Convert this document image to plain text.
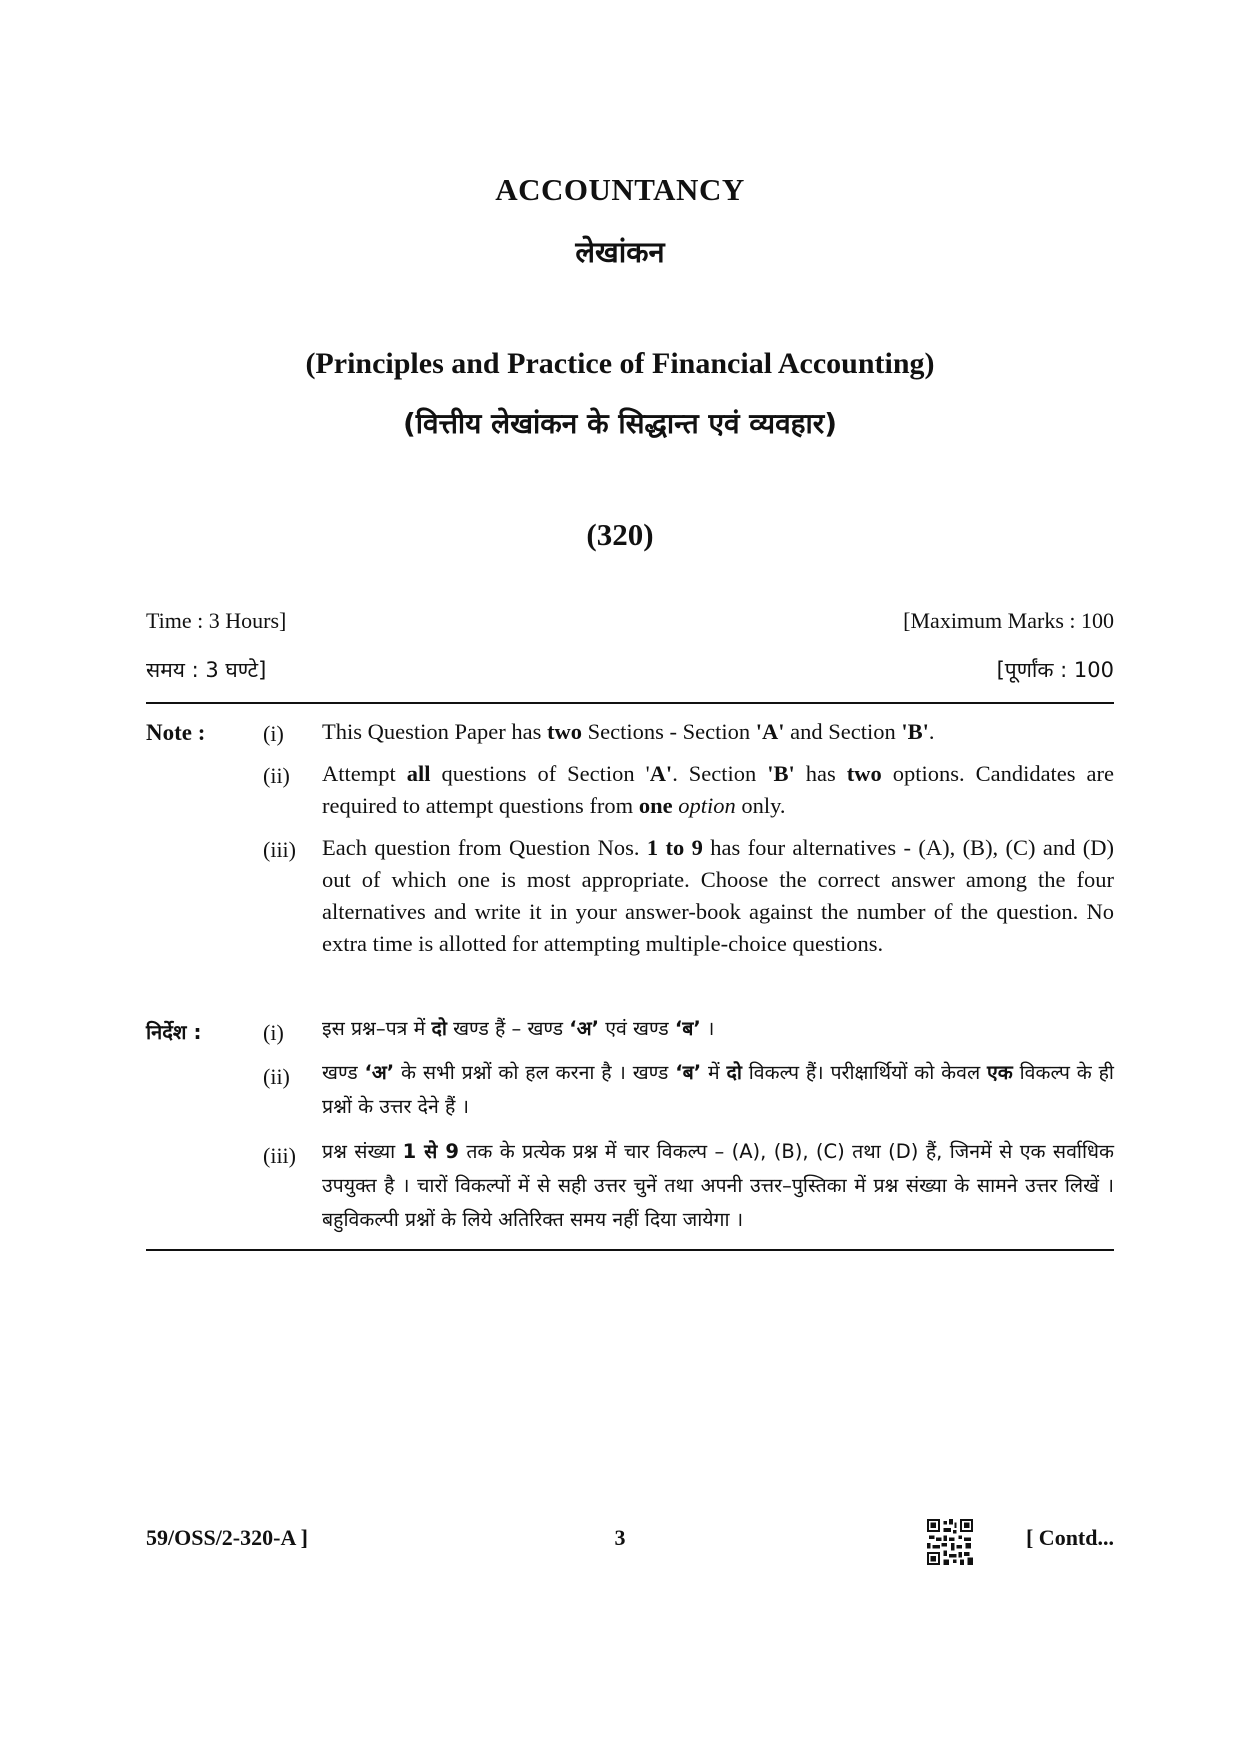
ACCOUNTANCY
लेखांकन
(Principles and Practice of Financial Accounting)
(वित्तीय लेखांकन के सिद्धान्त एवं व्यवहार)
(320)
Time : 3 Hours]	[Maximum Marks : 100
समय : 3 घण्टे]	[पूर्णांक : 100
Note :	(i) This Question Paper has two Sections - Section 'A' and Section 'B'.
(ii) Attempt all questions of Section 'A'. Section 'B' has two options. Candidates are required to attempt questions from one option only.
(iii) Each question from Question Nos. 1 to 9 has four alternatives - (A), (B), (C) and (D) out of which one is most appropriate. Choose the correct answer among the four alternatives and write it in your answer-book against the number of the question. No extra time is allotted for attempting multiple-choice questions.
निर्देश :	(i) इस प्रश्न–पत्र में दो खण्ड हैं – खण्ड ‘अ’ एवं खण्ड ‘ब’ ।
(ii) खण्ड ‘अ’ के सभी प्रश्नों को हल करना है । खण्ड ‘ब’ में दो विकल्प हैं। परीक्षार्थियों को केवल एक विकल्प के ही प्रश्नों के उत्तर देने हैं ।
(iii) प्रश्न संख्या 1 से 9 तक के प्रत्येक प्रश्न में चार विकल्प – (A), (B), (C) तथा (D) हैं, जिनमें से एक सर्वाधिक उपयुक्त है । चारों विकल्पों में से सही उत्तर चुनें तथा अपनी उत्तर–पुस्तिका में प्रश्न संख्या के सामने उत्तर लिखें । बहुविकल्पी प्रश्नों के लिये अतिरिक्त समय नहीं दिया जायेगा ।
59/OSS/2-320-A ]	3	[ Contd...
